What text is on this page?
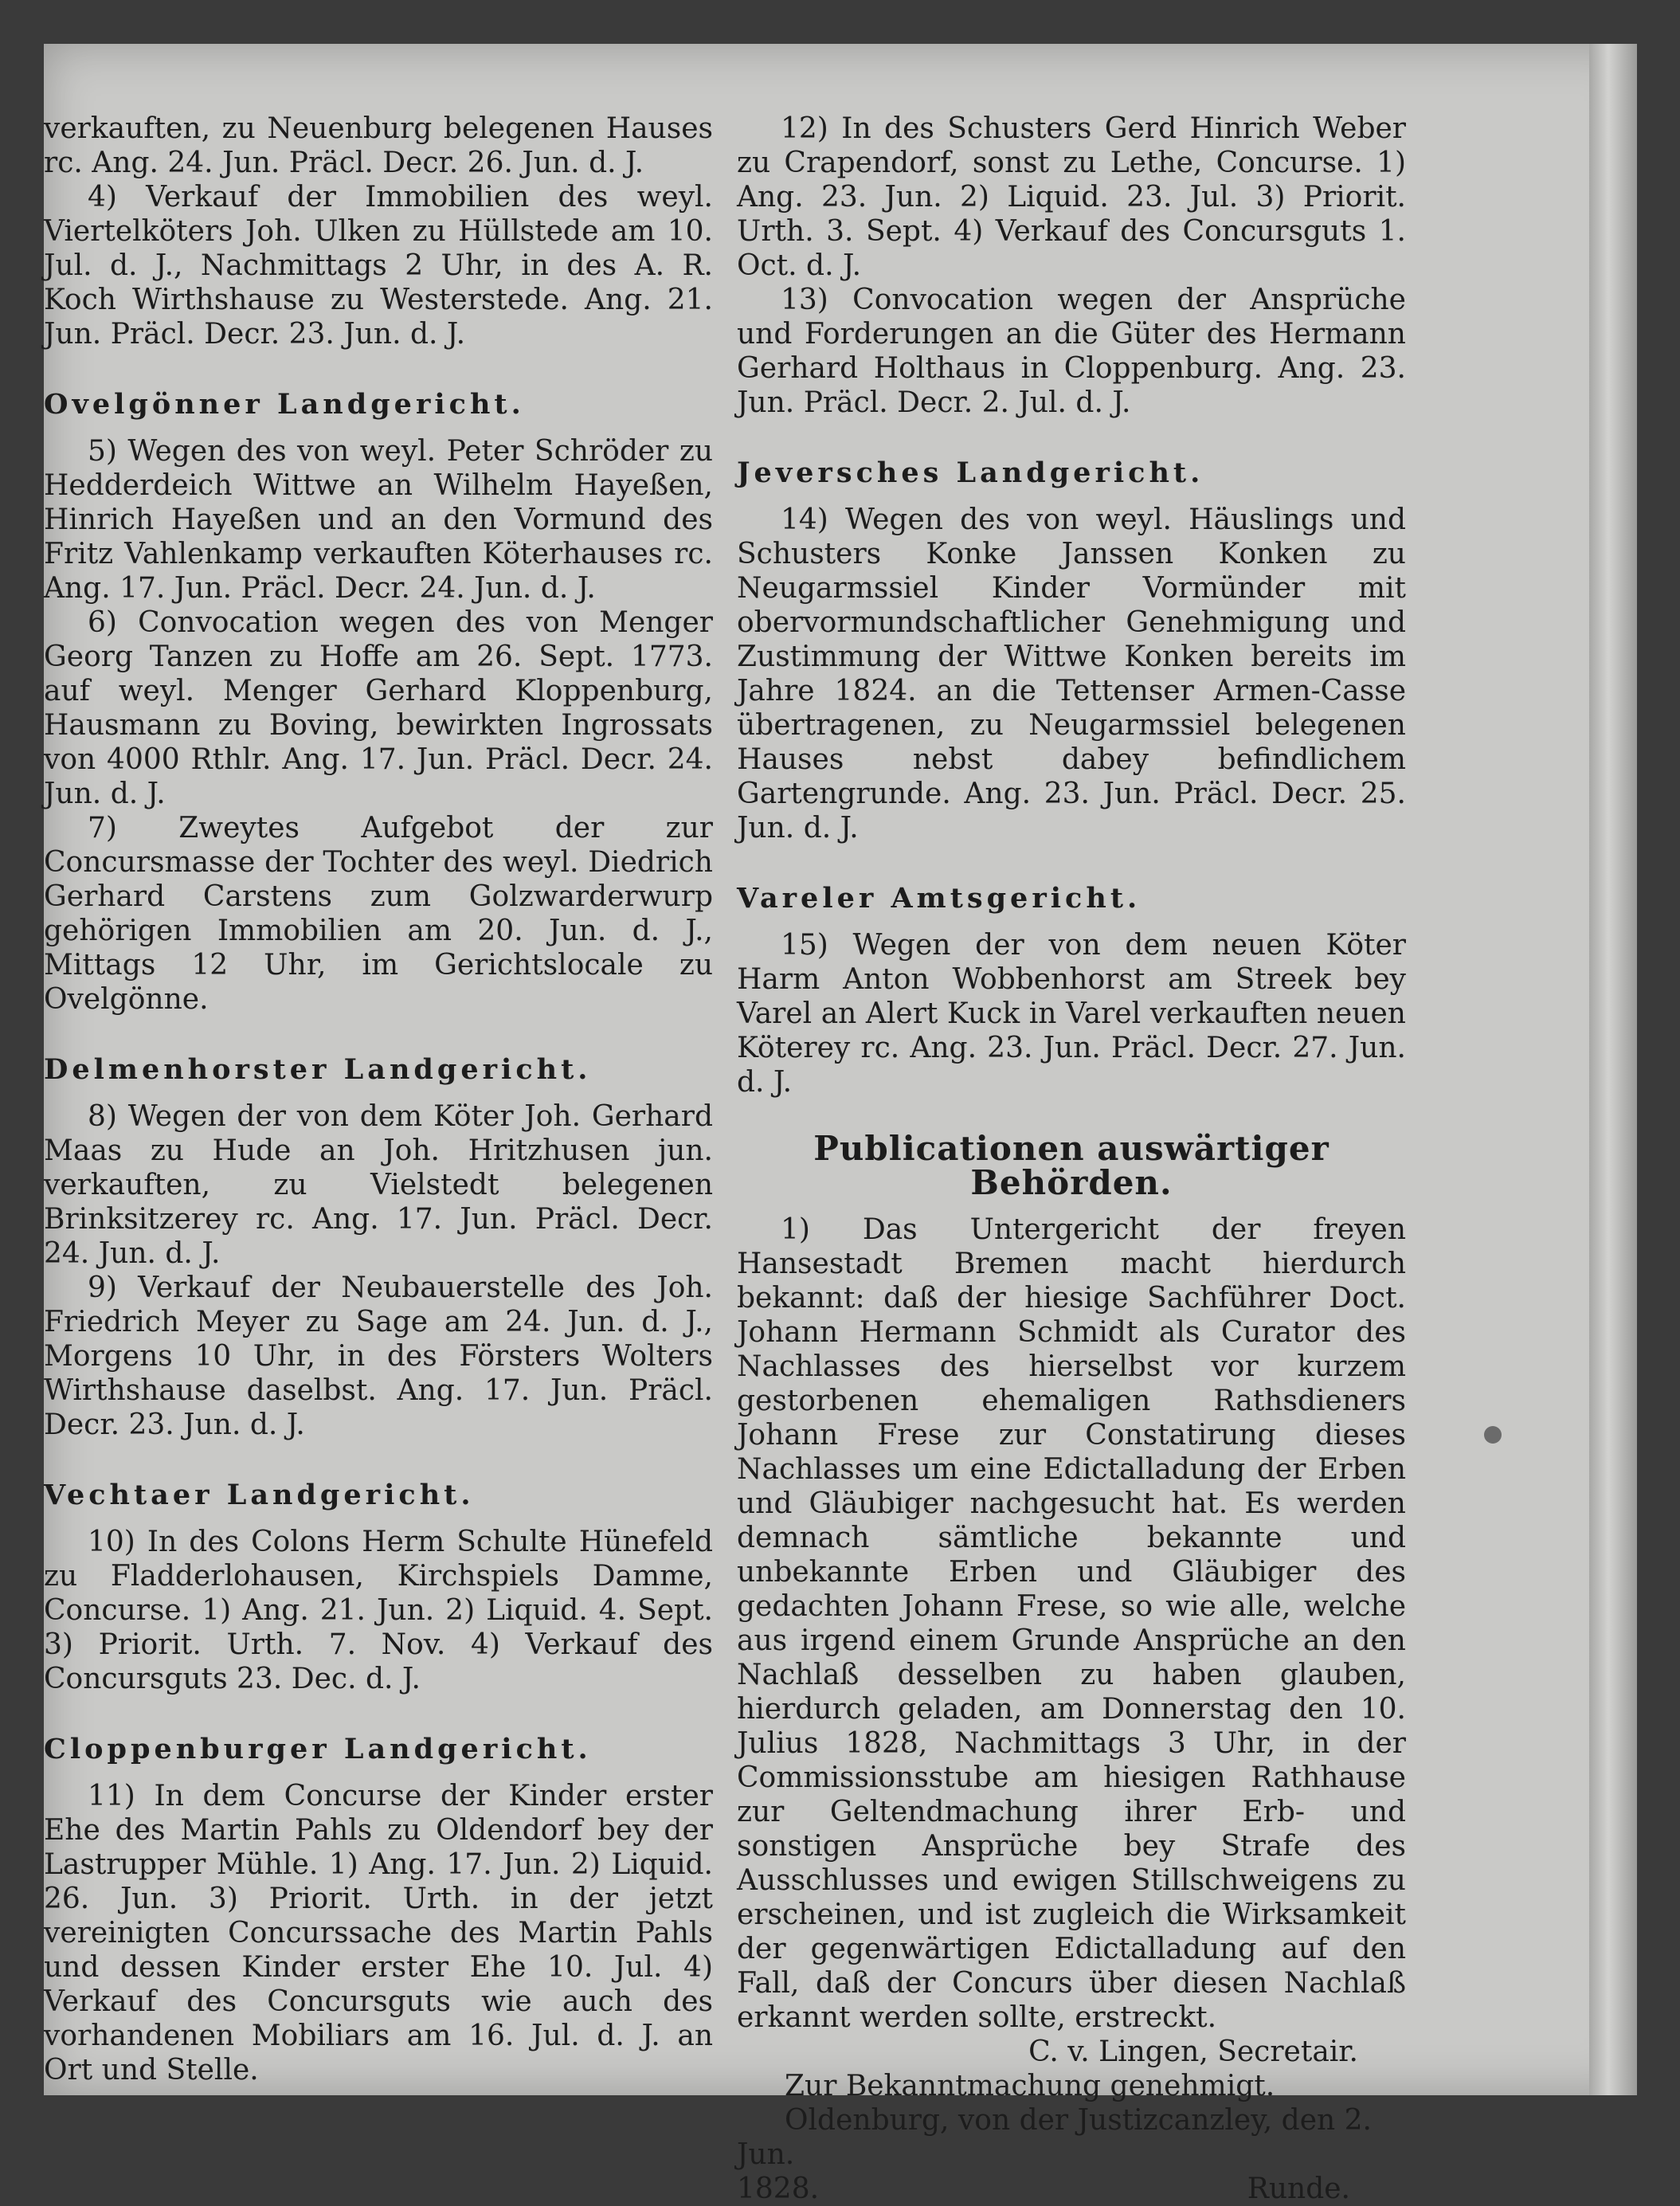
verkauften, zu Neuenburg belegenen Hauses rc. Ang. 24. Jun. Präcl. Decr. 26. Jun. d. J.

4) Verkauf der Immobilien des weyl. Viertelköters Joh. Ulken zu Hüllstede am 10. Jul. d. J., Nachmittags 2 Uhr, in des A. R. Koch Wirthshause zu Westerstede. Ang. 21. Jun. Präcl. Decr. 23. Jun. d. J.

Ovelgönner Landgericht.

5) Wegen des von weyl. Peter Schröder zu Hedderdeich Wittwe an Wilhelm Hayeßen, Hinrich Hayeßen und an den Vormund des Fritz Vahlenkamp verkauften Köterhauses rc. Ang. 17. Jun. Präcl. Decr. 24. Jun. d. J.

6) Convocation wegen des von Menger Georg Tanzen zu Hoffe am 26. Sept. 1773. auf weyl. Menger Gerhard Kloppenburg, Hausmann zu Boving, bewirkten Ingrossats von 4000 Rthlr. Ang. 17. Jun. Präcl. Decr. 24. Jun. d. J.

7) Zweytes Aufgebot der zur Concursmasse der Tochter des weyl. Diedrich Gerhard Carstens zum Golzwarderwurp gehörigen Immobilien am 20. Jun. d. J., Mittags 12 Uhr, im Gerichtslocale zu Ovelgönne.

Delmenhorster Landgericht.

8) Wegen der von dem Köter Joh. Gerhard Maas zu Hude an Joh. Hritzhusen jun. verkauften, zu Vielstedt belegenen Brinksitzerey rc. Ang. 17. Jun. Präcl. Decr. 24. Jun. d. J.

9) Verkauf der Neubauerstelle des Joh. Friedrich Meyer zu Sage am 24. Jun. d. J., Morgens 10 Uhr, in des Försters Wolters Wirthshause daselbst. Ang. 17. Jun. Präcl. Decr. 23. Jun. d. J.

Vechtaer Landgericht.

10) In des Colons Herm Schulte Hünefeld zu Fladderlohausen, Kirchspiels Damme, Concurse. 1) Ang. 21. Jun. 2) Liquid. 4. Sept. 3) Priorit. Urth. 7. Nov. 4) Verkauf des Concursguts 23. Dec. d. J.

Cloppenburger Landgericht.

11) In dem Concurse der Kinder erster Ehe des Martin Pahls zu Oldendorf bey der Lastrupper Mühle. 1) Ang. 17. Jun. 2) Liquid. 26. Jun. 3) Priorit. Urth. in der jetzt vereinigten Concurssache des Martin Pahls und dessen Kinder erster Ehe 10. Jul. 4) Verkauf des Concursguts wie auch des vorhandenen Mobiliars am 16. Jul. d. J. an Ort und Stelle.

12) In des Schusters Gerd Hinrich Weber zu Crapendorf, sonst zu Lethe, Concurse. 1) Ang. 23. Jun. 2) Liquid. 23. Jul. 3) Priorit. Urth. 3. Sept. 4) Verkauf des Concursguts 1. Oct. d. J.

13) Convocation wegen der Ansprüche und Forderungen an die Güter des Hermann Gerhard Holthaus in Cloppenburg. Ang. 23. Jun. Präcl. Decr. 2. Jul. d. J.

Jeversches Landgericht.

14) Wegen des von weyl. Häuslings und Schusters Konke Janssen Konken zu Neugarmssiel Kinder Vormünder mit obervormundschaftlicher Genehmigung und Zustimmung der Wittwe Konken bereits im Jahre 1824. an die Tettenser Armen-Casse übertragenen, zu Neugarmssiel belegenen Hauses nebst dabey befindlichem Gartengrunde. Ang. 23. Jun. Präcl. Decr. 25. Jun. d. J.

Vareler Amtsgericht.

15) Wegen der von dem neuen Köter Harm Anton Wobbenhorst am Streek bey Varel an Alert Kuck in Varel verkauften neuen Köterey rc. Ang. 23. Jun. Präcl. Decr. 27. Jun. d. J.

Publicationen auswärtiger Behörden.

1) Das Untergericht der freyen Hansestadt Bremen macht hierdurch bekannt: daß der hiesige Sachführer Doct. Johann Hermann Schmidt als Curator des Nachlasses des hierselbst vor kurzem gestorbenen ehemaligen Rathsdieners Johann Frese zur Constatirung dieses Nachlasses um eine Edictalladung der Erben und Gläubiger nachgesucht hat. Es werden demnach sämtliche bekannte und unbekannte Erben und Gläubiger des gedachten Johann Frese, so wie alle, welche aus irgend einem Grunde Ansprüche an den Nachlaß desselben zu haben glauben, hierdurch geladen, am Donnerstag den 10. Julius 1828, Nachmittags 3 Uhr, in der Commissionsstube am hiesigen Rathhause zur Geltendmachung ihrer Erb- und sonstigen Ansprüche bey Strafe des Ausschlusses und ewigen Stillschweigens zu erscheinen, und ist zugleich die Wirksamkeit der gegenwärtigen Edictalladung auf den Fall, daß der Concurs über diesen Nachlaß erkannt werden sollte, erstreckt.

C. v. Lingen, Secretair.

Zur Bekanntmachung genehmigt.

Oldenburg, von der Justizcanzley, den 2. Jun.

1828.	Runde.
